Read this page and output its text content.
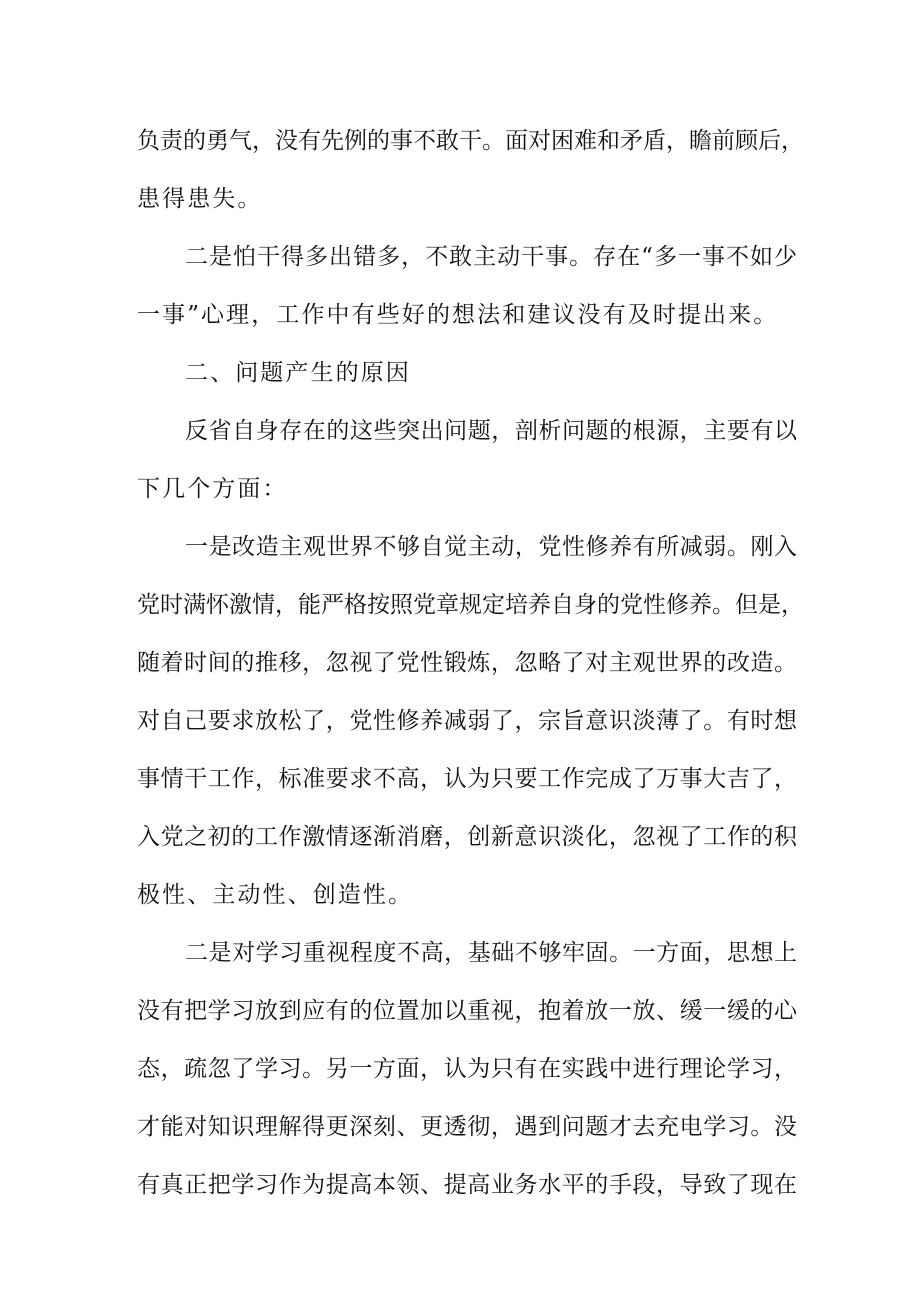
负责的勇气，没有先例的事不敢干。面对困难和矛盾，瞻前顾后，
患得患失。
二是怕干得多出错多，不敢主动干事。存在“多一事不如少
一事”心理，工作中有些好的想法和建议没有及时提出来。
二、问题产生的原因
反省自身存在的这些突出问题，剖析问题的根源，主要有以
下几个方面：
一是改造主观世界不够自觉主动，党性修养有所减弱。刚入
党时满怀激情，能严格按照党章规定培养自身的党性修养。但是，
随着时间的推移，忽视了党性锻炼，忽略了对主观世界的改造。
对自己要求放松了，党性修养减弱了，宗旨意识淡薄了。有时想
事情干工作，标准要求不高，认为只要工作完成了万事大吉了，
入党之初的工作激情逐渐消磨，创新意识淡化，忽视了工作的积
极性、主动性、创造性。
二是对学习重视程度不高，基础不够牢固。一方面，思想上
没有把学习放到应有的位置加以重视，抱着放一放、缓一缓的心
态，疏忽了学习。另一方面，认为只有在实践中进行理论学习，
才能对知识理解得更深刻、更透彻，遇到问题才去充电学习。没
有真正把学习作为提高本领、提高业务水平的手段，导致了现在
